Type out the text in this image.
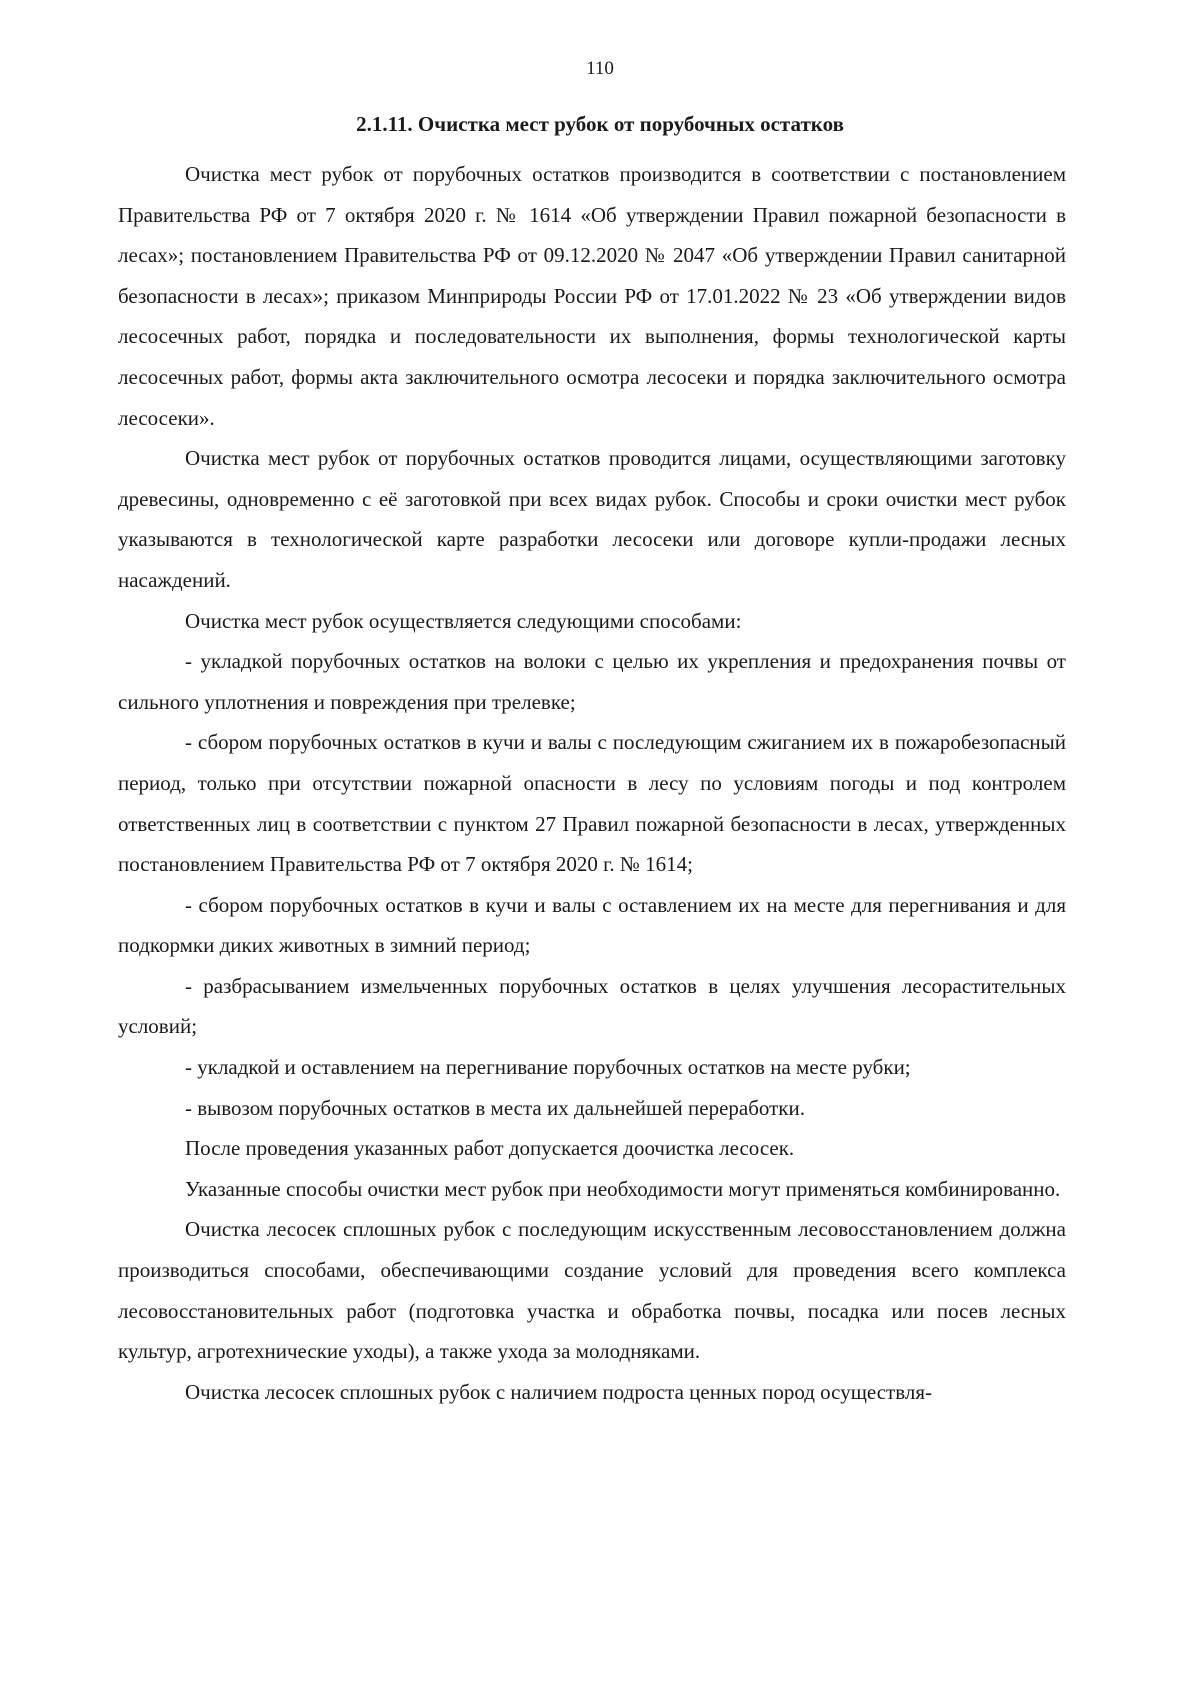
110
2.1.11. Очистка мест рубок от порубочных остатков

Очистка мест рубок от порубочных остатков производится в соответствии с постановлением Правительства РФ от 7 октября 2020 г. № 1614 «Об утверждении Правил пожарной безопасности в лесах»; постановлением Правительства РФ от 09.12.2020 № 2047 «Об утверждении Правил санитарной безопасности в лесах»; приказом Минприроды России РФ от 17.01.2022 № 23 «Об утверждении видов лесосечных работ, порядка и последовательности их выполнения, формы технологической карты лесосечных работ, формы акта заключительного осмотра лесосеки и порядка заключительного осмотра лесосеки».

Очистка мест рубок от порубочных остатков проводится лицами, осуществляющими заготовку древесины, одновременно с её заготовкой при всех видах рубок. Способы и сроки очистки мест рубок указываются в технологической карте разработки лесосеки или договоре купли-продажи лесных насаждений.

Очистка мест рубок осуществляется следующими способами:

- укладкой порубочных остатков на волоки с целью их укрепления и предохранения почвы от сильного уплотнения и повреждения при трелевке;

- сбором порубочных остатков в кучи и валы с последующим сжиганием их в пожаробезопасный период, только при отсутствии пожарной опасности в лесу по условиям погоды и под контролем ответственных лиц в соответствии с пунктом 27 Правил пожарной безопасности в лесах, утвержденных постановлением Правительства РФ от 7 октября 2020 г. № 1614;

- сбором порубочных остатков в кучи и валы с оставлением их на месте для перегнивания и для подкормки диких животных в зимний период;

- разбрасыванием измельченных порубочных остатков в целях улучшения лесорастительных условий;

- укладкой и оставлением на перегнивание порубочных остатков на месте рубки;

- вывозом порубочных остатков в места их дальнейшей переработки.

После проведения указанных работ допускается доочистка лесосек.

Указанные способы очистки мест рубок при необходимости могут применяться комбинированно.

Очистка лесосек сплошных рубок с последующим искусственным лесовосстановлением должна производиться способами, обеспечивающими создание условий для проведения всего комплекса лесовосстановительных работ (подготовка участка и обработка почвы, посадка или посев лесных культур, агротехнические уходы), а также ухода за молодняками.

Очистка лесосек сплошных рубок с наличием подроста ценных пород осуществля-
